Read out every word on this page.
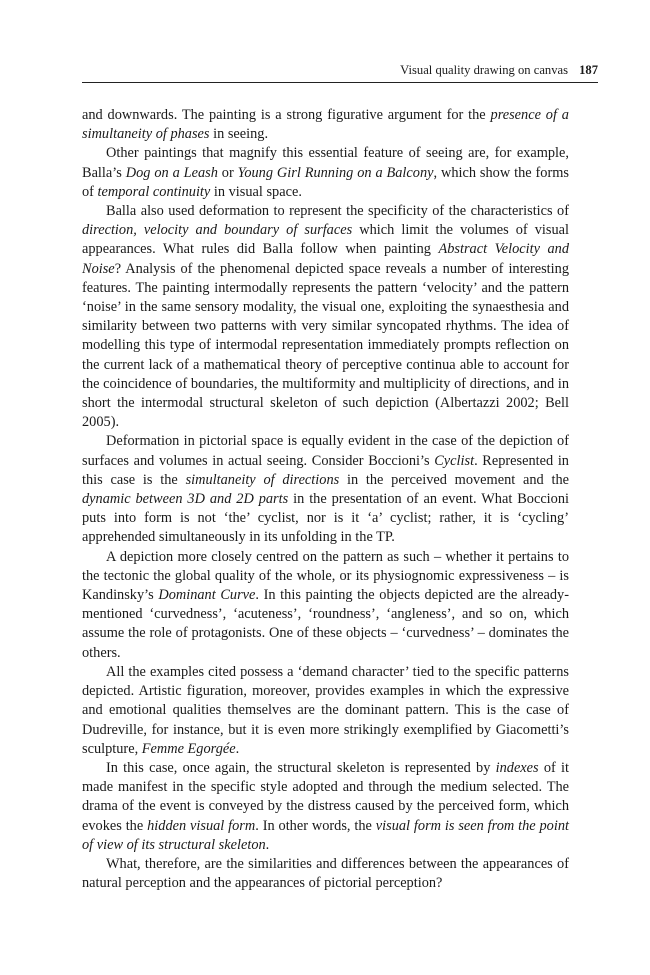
Visual quality drawing on canvas 187

and downwards. The painting is a strong figurative argument for the presence of a simultaneity of phases in seeing.

Other paintings that magnify this essential feature of seeing are, for example, Balla’s Dog on a Leash or Young Girl Running on a Balcony, which show the forms of temporal continuity in visual space.

Balla also used deformation to represent the specificity of the characteristics of direction, velocity and boundary of surfaces which limit the volumes of visual appearances. What rules did Balla follow when painting Abstract Velocity and Noise? Analysis of the phenomenal depicted space reveals a number of interesting features. The painting intermodally represents the pattern ‘velocity’ and the pattern ‘noise’ in the same sensory modality, the visual one, exploiting the synaesthesia and similarity between two patterns with very similar syncopated rhythms. The idea of modelling this type of intermodal representation immediately prompts reflection on the current lack of a mathematical theory of perceptive continua able to account for the coincidence of boundaries, the multiformity and multiplicity of directions, and in short the intermodal structural skeleton of such depiction (Albertazzi 2002; Bell 2005).

Deformation in pictorial space is equally evident in the case of the depiction of surfaces and volumes in actual seeing. Consider Boccioni’s Cyclist. Represented in this case is the simultaneity of directions in the perceived movement and the dynamic between 3D and 2D parts in the presentation of an event. What Boccioni puts into form is not ‘the’ cyclist, nor is it ‘a’ cyclist; rather, it is ‘cycling’ apprehended simultaneously in its unfolding in the TP.

A depiction more closely centred on the pattern as such – whether it pertains to the tectonic the global quality of the whole, or its physiognomic expressiveness – is Kandinsky’s Dominant Curve. In this painting the objects depicted are the already-mentioned ‘curvedness’, ‘acuteness’, ‘roundness’, ‘angleness’, and so on, which assume the role of protagonists. One of these objects – ‘curvedness’ – dominates the others.

All the examples cited possess a ‘demand character’ tied to the specific patterns depicted. Artistic figuration, moreover, provides examples in which the expressive and emotional qualities themselves are the dominant pattern. This is the case of Dudreville, for instance, but it is even more strikingly exemplified by Giacometti’s sculpture, Femme Egorgée.

In this case, once again, the structural skeleton is represented by indexes of it made manifest in the specific style adopted and through the medium selected. The drama of the event is conveyed by the distress caused by the perceived form, which evokes the hidden visual form. In other words, the visual form is seen from the point of view of its structural skeleton.

What, therefore, are the similarities and differences between the appearances of natural perception and the appearances of pictorial perception?
